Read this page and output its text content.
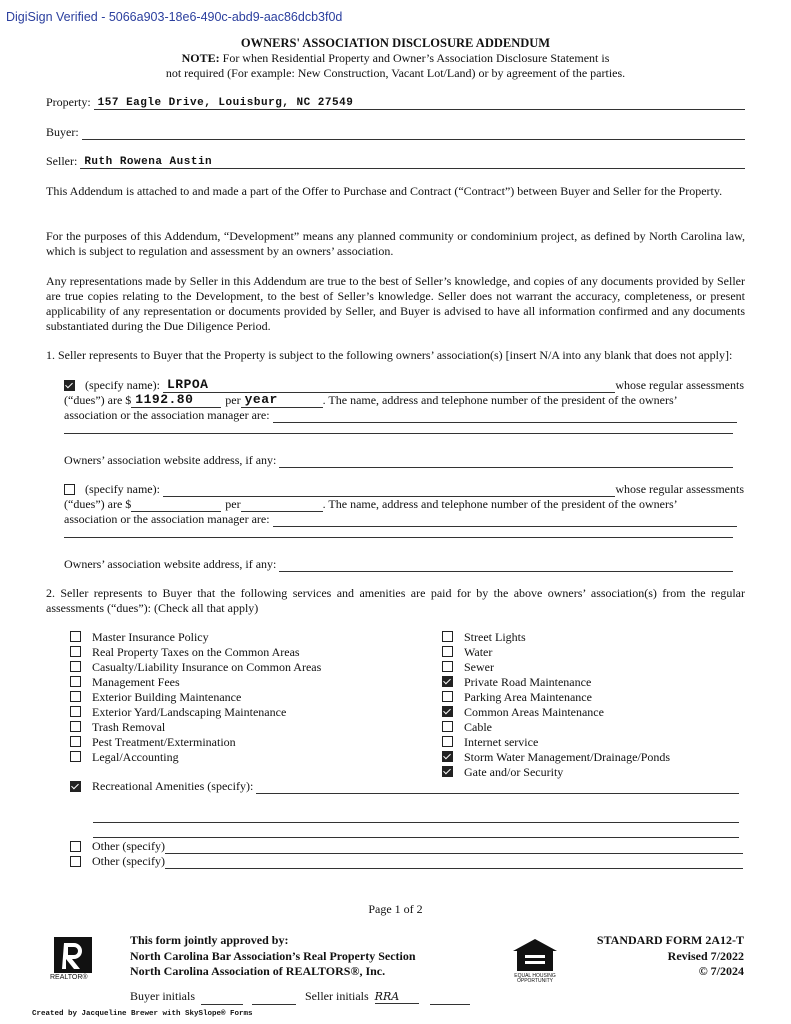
DigiSign Verified - 5066a903-18e6-490c-abd9-aac86dcb3f0d
OWNERS' ASSOCIATION DISCLOSURE ADDENDUM
NOTE: For when Residential Property and Owner’s Association Disclosure Statement is
not required (For example: New Construction, Vacant Lot/Land) or by agreement of the parties.
Property: 157 Eagle Drive, Louisburg, NC 27549
Buyer:
Seller: Ruth Rowena Austin

This Addendum is attached to and made a part of the Offer to Purchase and Contract (“Contract”) between Buyer and Seller for the Property.

For the purposes of this Addendum, “Development” means any planned community or condominium project, as defined by North Carolina law, which is subject to regulation and assessment by an owners’ association.

Any representations made by Seller in this Addendum are true to the best of Seller’s knowledge, and copies of any documents provided by Seller are true copies relating to the Development, to the best of Seller’s knowledge. Seller does not warrant the accuracy, completeness, or present applicability of any representation or documents provided by Seller, and Buyer is advised to have all information confirmed and any documents substantiated during the Due Diligence Period.

1. Seller represents to Buyer that the Property is subject to the following owners’ association(s) [insert N/A into any blank that does not apply]:

(specify name): LRPOA	whose regular assessments
(“dues”) are $ 1192.80	per year	. The name, address and telephone number of the president of the owners’
association or the association manager are:
Owners’ association website address, if any:
(specify name):	whose regular assessments
(“dues”) are $	per	. The name, address and telephone number of the president of the owners’
association or the association manager are:
Owners’ association website address, if any:

2. Seller represents to Buyer that the following services and amenities are paid for by the above owners’ association(s) from the regular assessments (“dues”): (Check all that apply)

Master Insurance Policy
Real Property Taxes on the Common Areas
Casualty/Liability Insurance on Common Areas
Management Fees
Exterior Building Maintenance
Exterior Yard/Landscaping Maintenance
Trash Removal
Pest Treatment/Extermination
Legal/Accounting
Street Lights
Water
Sewer
Private Road Maintenance
Parking Area Maintenance
Common Areas Maintenance
Cable
Internet service
Storm Water Management/Drainage/Ponds
Gate and/or Security
Recreational Amenities (specify):
Other (specify)
Other (specify)
Page 1 of 2
REALTOR®
This form jointly approved by:
North Carolina Bar Association’s Real Property Section
North Carolina Association of REALTORS®, Inc.	EQUAL HOUSING OPPORTUNITY
STANDARD FORM 2A12-T
Revised 7/2022
© 7/2024
Buyer initials	Seller initials RRA
Created by Jacqueline Brewer with SkySlope® Forms
